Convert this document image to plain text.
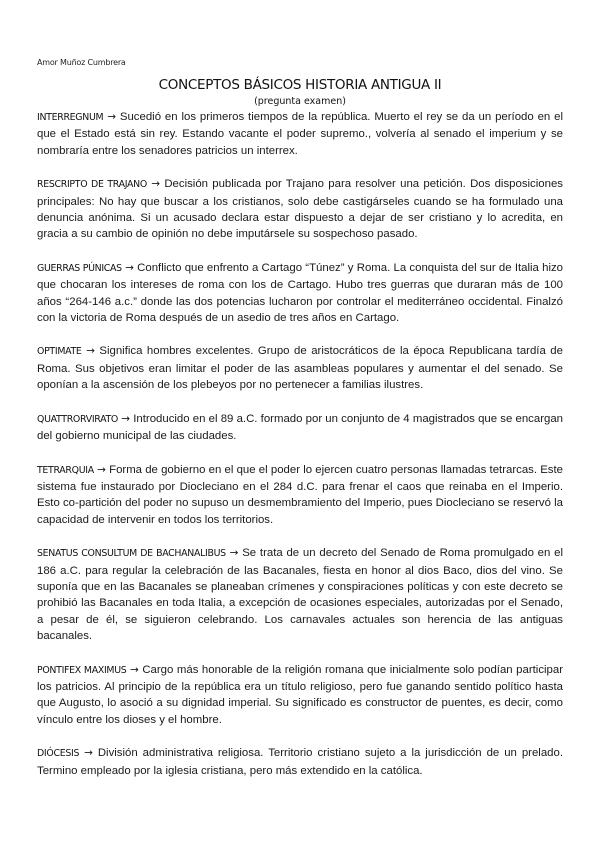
Amor Muñoz Cumbrera
CONCEPTOS BÁSICOS HISTORIA ANTIGUA II
(pregunta examen)

INTERREGNUM → Sucedió en los primeros tiempos de la república. Muerto el rey se da un período en el que el Estado está sin rey. Estando vacante el poder supremo., volvería al senado el imperium y se nombraría entre los senadores patricios un interrex.

RESCRIPTO DE TRAJANO → Decisión publicada por Trajano para resolver una petición. Dos disposiciones principales: No hay que buscar a los cristianos, solo debe castigárseles cuando se ha formulado una denuncia anónima. Si un acusado declara estar dispuesto a dejar de ser cristiano y lo acredita, en gracia a su cambio de opinión no debe imputársele su sospechoso pasado.

GUERRAS PÚNICAS → Conflicto que enfrento a Cartago “Túnez” y Roma. La conquista del sur de Italia hizo que chocaran los intereses de roma con los de Cartago. Hubo tres guerras que duraran más de 100 años “264-146 a.c.” donde las dos potencias lucharon por controlar el mediterráneo occidental. Finalzó con la victoria de Roma después de un asedio de tres años en Cartago.

OPTIMATE → Significa hombres excelentes. Grupo de aristocráticos de la época Republicana tardía de Roma. Sus objetivos eran limitar el poder de las asambleas populares y aumentar el del senado. Se oponían a la ascensión de los plebeyos por no pertenecer a familias ilustres.

QUATTRORVIRATO → Introducido en el 89 a.C. formado por un conjunto de 4 magistrados que se encargan del gobierno municipal de las ciudades.

TETRARQUIA → Forma de gobierno en el que el poder lo ejercen cuatro personas llamadas tetrarcas. Este sistema fue instaurado por Diocleciano en el 284 d.C. para frenar el caos que reinaba en el Imperio. Esto co-partición del poder no supuso un desmembramiento del Imperio, pues Diocleciano se reservó la capacidad de intervenir en todos los territorios.

SENATUS CONSULTUM DE BACHANALIBUS → Se trata de un decreto del Senado de Roma promulgado en el 186 a.C. para regular la celebración de las Bacanales, fiesta en honor al dios Baco, dios del vino. Se suponía que en las Bacanales se planeaban crímenes y conspiraciones políticas y con este decreto se prohibió las Bacanales en toda Italia, a excepción de ocasiones especiales, autorizadas por el Senado, a pesar de él, se siguieron celebrando. Los carnavales actuales son herencia de las antiguas bacanales.

PONTIFEX MAXIMUS → Cargo más honorable de la religión romana que inicialmente solo podían participar los patricios. Al principio de la república era un título religioso, pero fue ganando sentido político hasta que Augusto, lo asoció a su dignidad imperial. Su significado es constructor de puentes, es decir, como vínculo entre los dioses y el hombre.

DIÓCESIS → División administrativa religiosa. Territorio cristiano sujeto a la jurisdicción de un prelado. Termino empleado por la iglesia cristiana, pero más extendido en la católica.
